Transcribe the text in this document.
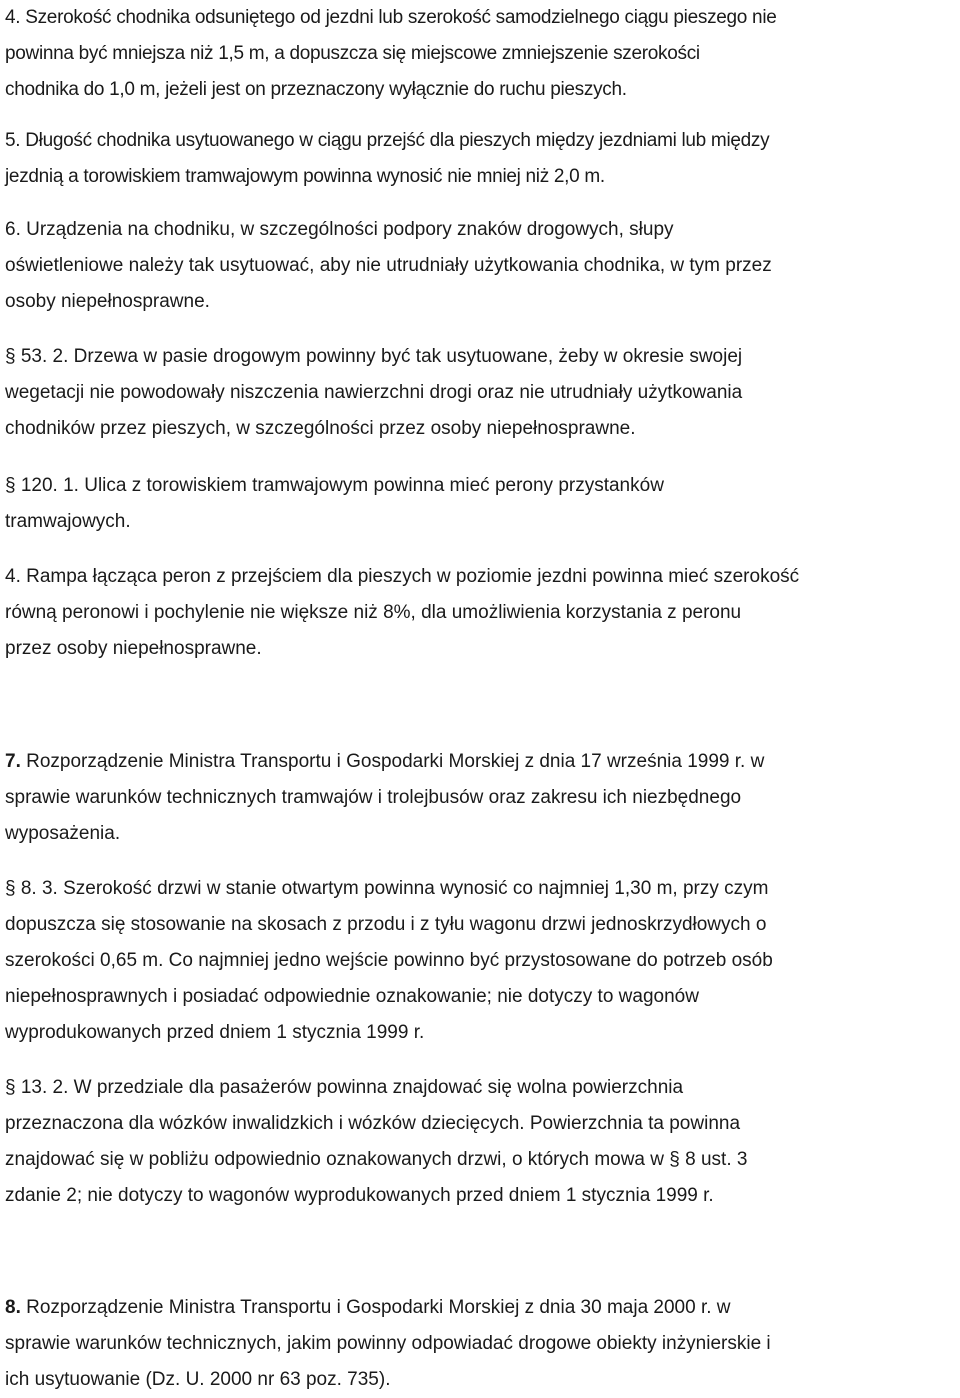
4. Szerokość chodnika odsuniętego od jezdni lub szerokość samodzielnego ciągu pieszego nie
powinna być mniejsza niż 1,5 m, a dopuszcza się miejscowe zmniejszenie szerokości
chodnika do 1,0 m, jeżeli jest on przeznaczony wyłącznie do ruchu pieszych.

5. Długość chodnika usytuowanego w ciągu przejść dla pieszych między jezdniami lub między
jezdnią a torowiskiem tramwajowym powinna wynosić nie mniej niż 2,0 m.

6. Urządzenia na chodniku, w szczególności podpory znaków drogowych, słupy
oświetleniowe należy tak usytuować, aby nie utrudniały użytkowania chodnika, w tym przez
osoby niepełnosprawne.

§ 53. 2. Drzewa w pasie drogowym powinny być tak usytuowane, żeby w okresie swojej
wegetacji nie powodowały niszczenia nawierzchni drogi oraz nie utrudniały użytkowania
chodników przez pieszych, w szczególności przez osoby niepełnosprawne.

§ 120. 1. Ulica z torowiskiem tramwajowym powinna mieć perony przystanków
tramwajowych.

4. Rampa łącząca peron z przejściem dla pieszych w poziomie jezdni powinna mieć szerokość
równą peronowi i pochylenie nie większe niż 8%, dla umożliwienia korzystania z peronu
przez osoby niepełnosprawne.

7. Rozporządzenie Ministra Transportu i Gospodarki Morskiej z dnia 17 września 1999 r. w
sprawie warunków technicznych tramwajów i trolejbusów oraz zakresu ich niezbędnego
wyposażenia.

§ 8. 3. Szerokość drzwi w stanie otwartym powinna wynosić co najmniej 1,30 m, przy czym
dopuszcza się stosowanie na skosach z przodu i z tyłu wagonu drzwi jednoskrzydłowych o
szerokości 0,65 m. Co najmniej jedno wejście powinno być przystosowane do potrzeb osób
niepełnosprawnych i posiadać odpowiednie oznakowanie; nie dotyczy to wagonów
wyprodukowanych przed dniem 1 stycznia 1999 r.

§ 13. 2. W przedziale dla pasażerów powinna znajdować się wolna powierzchnia
przeznaczona dla wózków inwalidzkich i wózków dziecięcych. Powierzchnia ta powinna
znajdować się w pobliżu odpowiednio oznakowanych drzwi, o których mowa w § 8 ust. 3
zdanie 2; nie dotyczy to wagonów wyprodukowanych przed dniem 1 stycznia 1999 r.

8. Rozporządzenie Ministra Transportu i Gospodarki Morskiej z dnia 30 maja 2000 r. w
sprawie warunków technicznych, jakim powinny odpowiadać drogowe obiekty inżynierskie i
ich usytuowanie (Dz. U. 2000 nr 63 poz. 735).
